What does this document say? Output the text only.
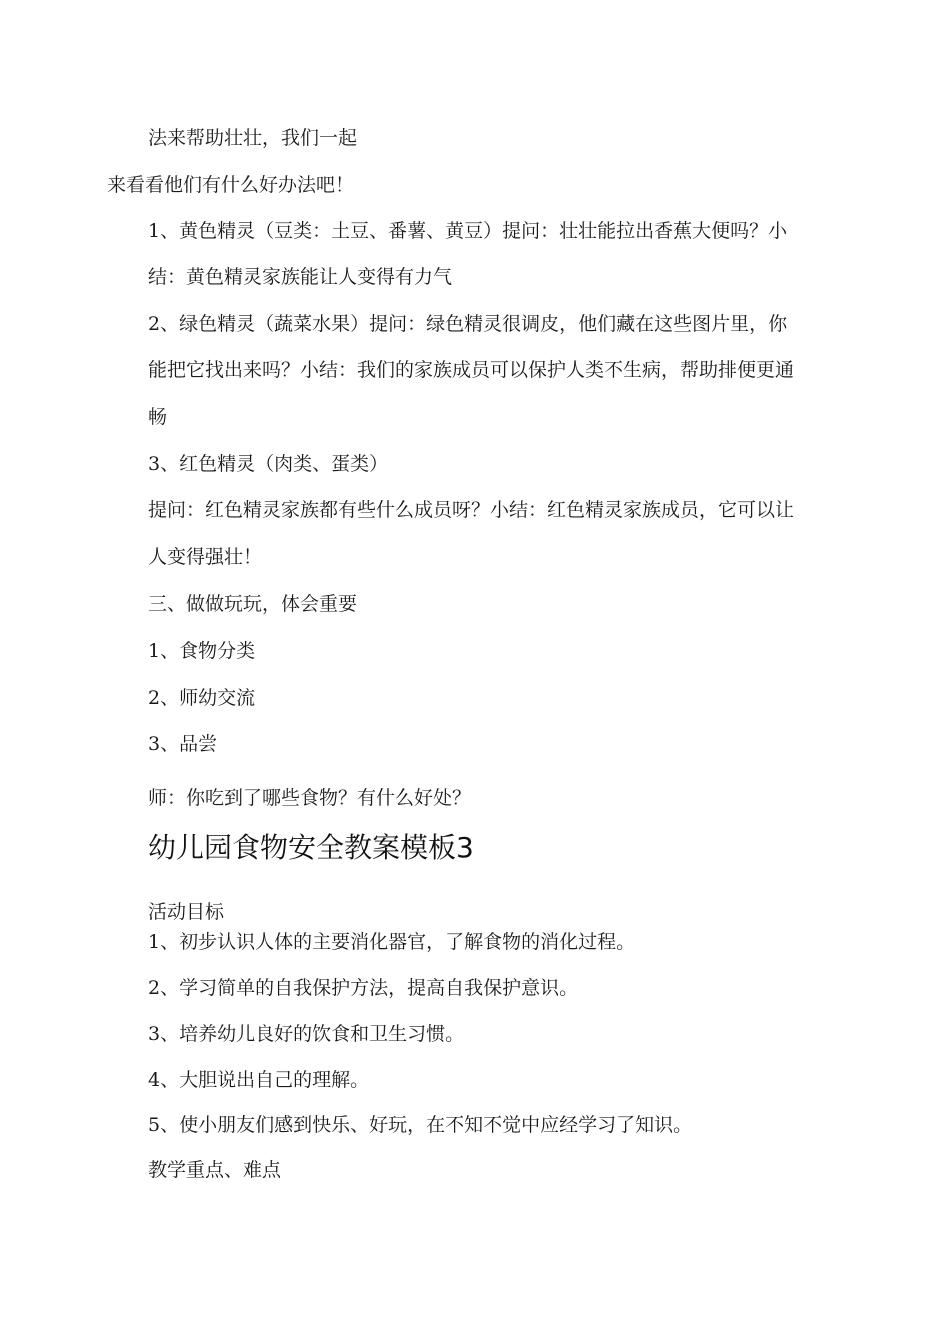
法来帮助壮壮，我们一起

来看看他们有什么好办法吧！

1、黄色精灵（豆类：土豆、番薯、黄豆）提问：壮壮能拉出香蕉大便吗？小

结：黄色精灵家族能让人变得有力气

2、绿色精灵（蔬菜水果）提问：绿色精灵很调皮，他们藏在这些图片里，你

能把它找出来吗？小结：我们的家族成员可以保护人类不生病，帮助排便更通

畅

3、红色精灵（肉类、蛋类）

提问：红色精灵家族都有些什么成员呀？小结：红色精灵家族成员，它可以让

人变得强壮！

三、做做玩玩，体会重要

1、食物分类

2、师幼交流

3、品尝

师：你吃到了哪些食物？有什么好处？

幼儿园食物安全教案模板3

活动目标

1、初步认识人体的主要消化器官，了解食物的消化过程。

2、学习简单的自我保护方法，提高自我保护意识。

3、培养幼儿良好的饮食和卫生习惯。

4、大胆说出自己的理解。

5、使小朋友们感到快乐、好玩，在不知不觉中应经学习了知识。

教学重点、难点
